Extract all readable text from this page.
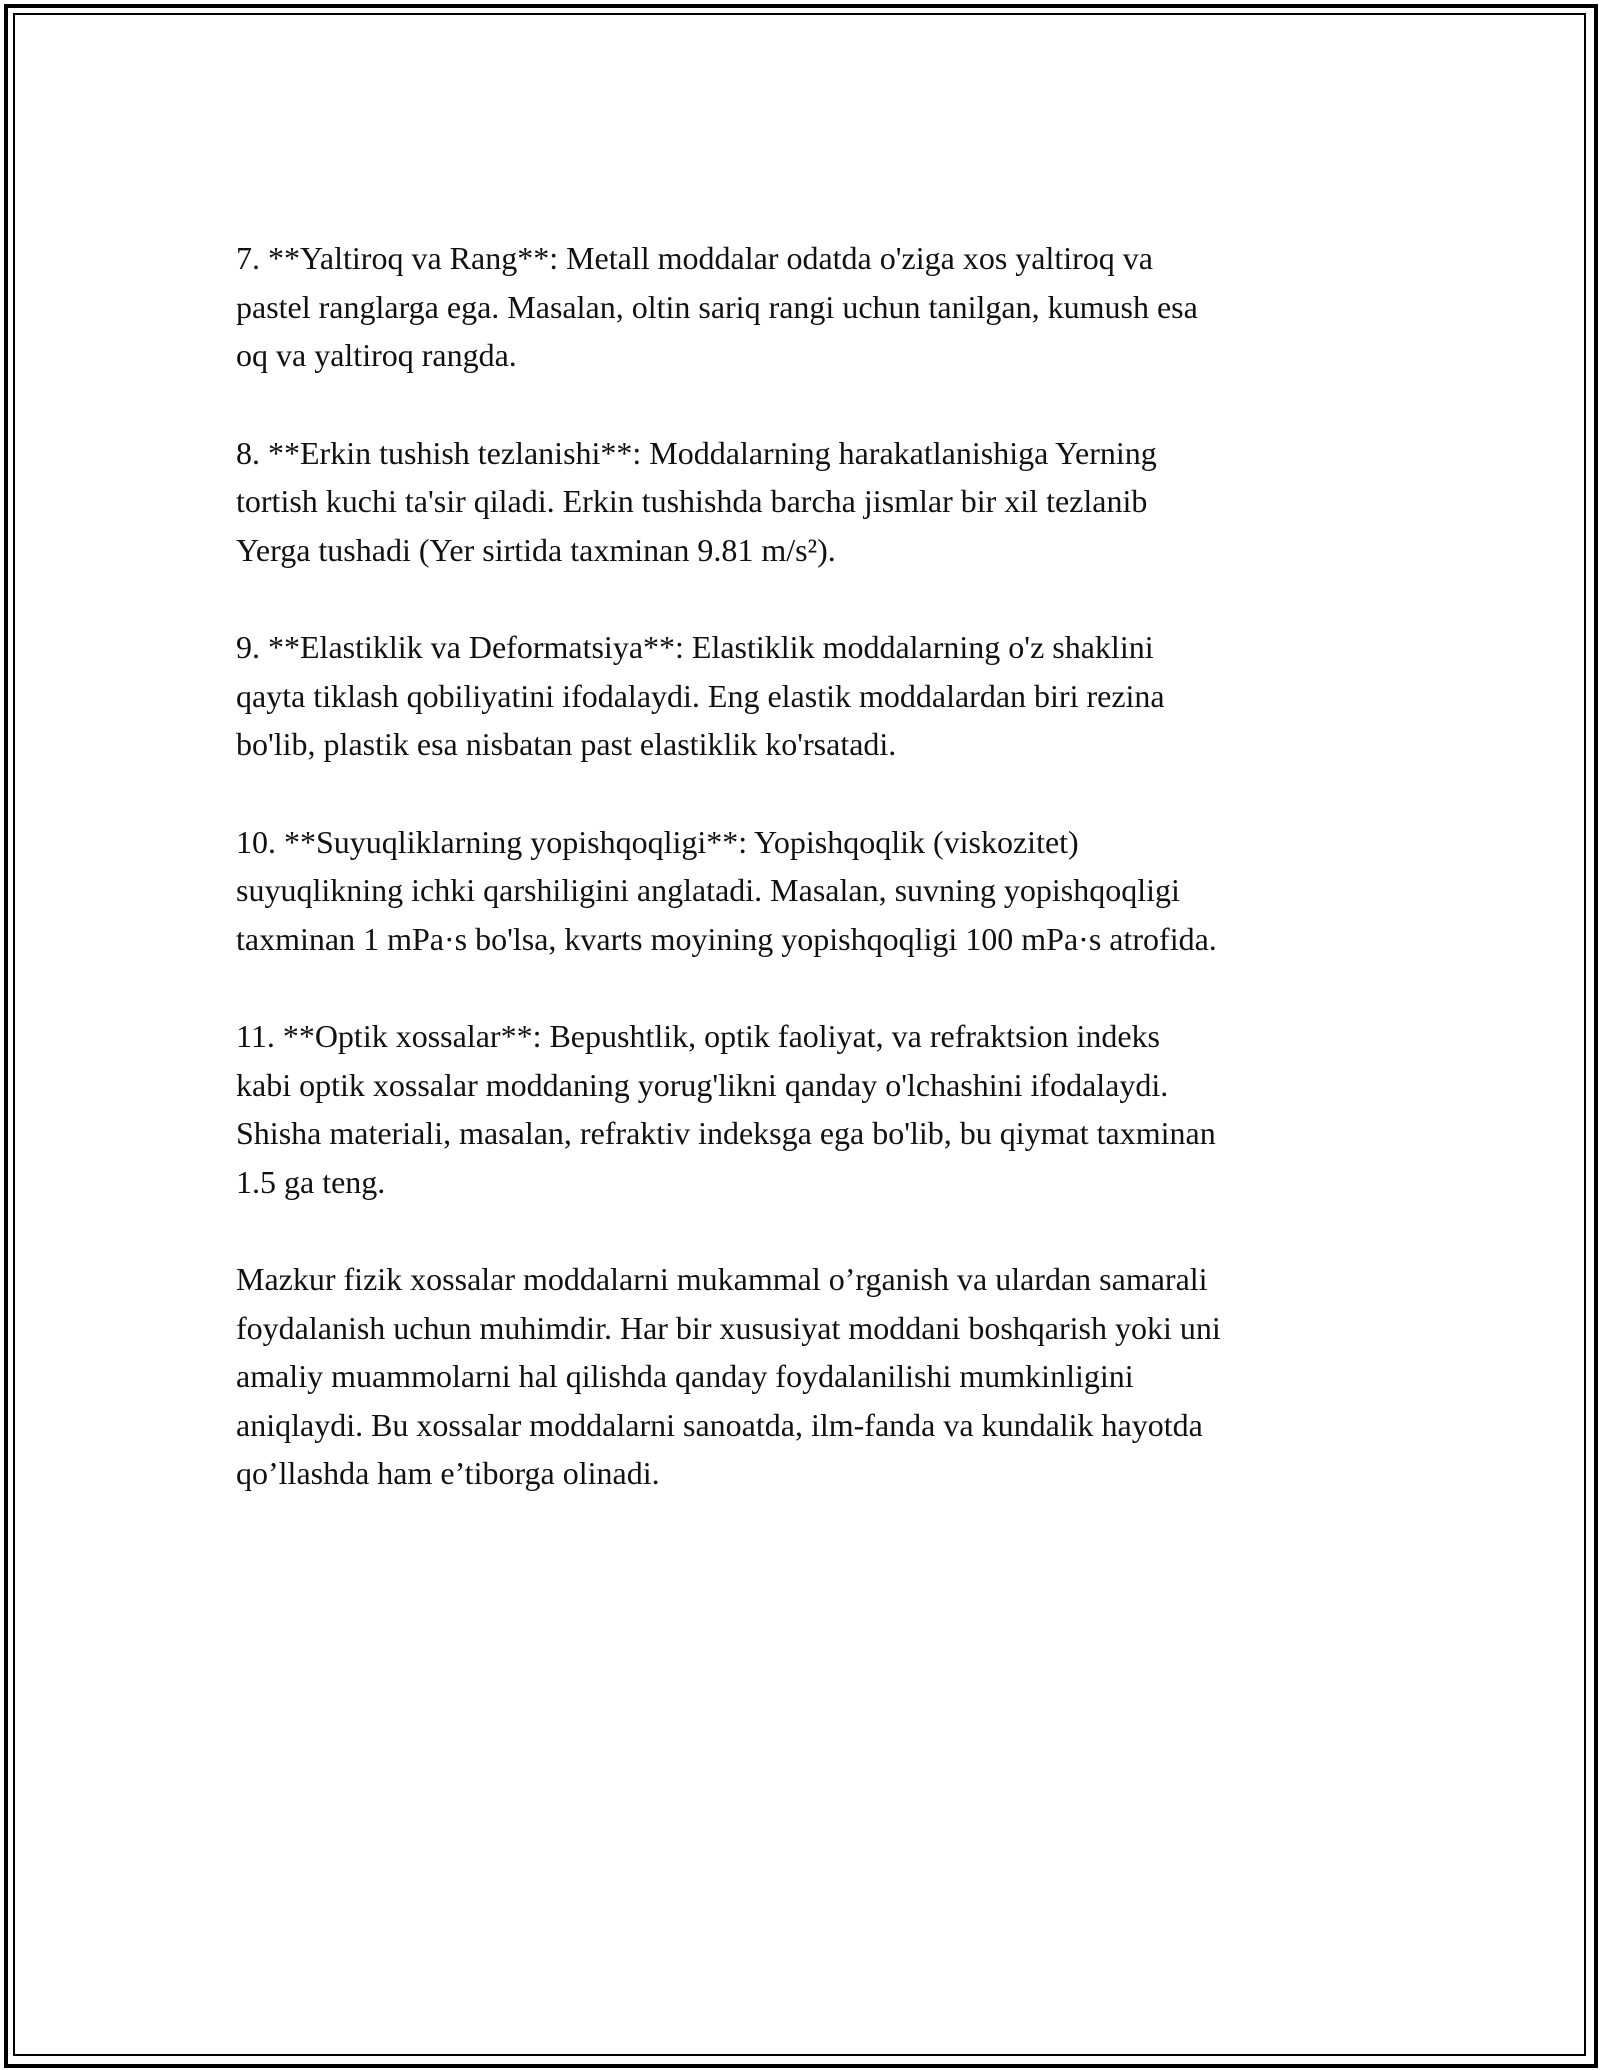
7. **Yaltiroq va Rang**: Metall moddalar odatda o'ziga xos yaltiroq va
pastel ranglarga ega. Masalan, oltin sariq rangi uchun tanilgan, kumush esa
oq va yaltiroq rangda.

8. **Erkin tushish tezlanishi**: Moddalarning harakatlanishiga Yerning
tortish kuchi ta'sir qiladi. Erkin tushishda barcha jismlar bir xil tezlanib
Yerga tushadi (Yer sirtida taxminan 9.81 m/s²).

9. **Elastiklik va Deformatsiya**: Elastiklik moddalarning o'z shaklini
qayta tiklash qobiliyatini ifodalaydi. Eng elastik moddalardan biri rezina
bo'lib, plastik esa nisbatan past elastiklik ko'rsatadi.

10. **Suyuqliklarning yopishqoqligi**: Yopishqoqlik (viskozitet)
suyuqlikning ichki qarshiligini anglatadi. Masalan, suvning yopishqoqligi
taxminan 1 mPa·s bo'lsa, kvarts moyining yopishqoqligi 100 mPa·s atrofida.

11. **Optik xossalar**: Bepushtlik, optik faoliyat, va refraktsion indeks
kabi optik xossalar moddaning yorug'likni qanday o'lchashini ifodalaydi.
Shisha materiali, masalan, refraktiv indeksga ega bo'lib, bu qiymat taxminan
1.5 ga teng.

Mazkur fizik xossalar moddalarni mukammal o’rganish va ulardan samarali
foydalanish uchun muhimdir. Har bir xususiyat moddani boshqarish yoki uni
amaliy muammolarni hal qilishda qanday foydalanilishi mumkinligini
aniqlaydi. Bu xossalar moddalarni sanoatda, ilm-fanda va kundalik hayotda
qo’llashda ham e’tiborga olinadi.
